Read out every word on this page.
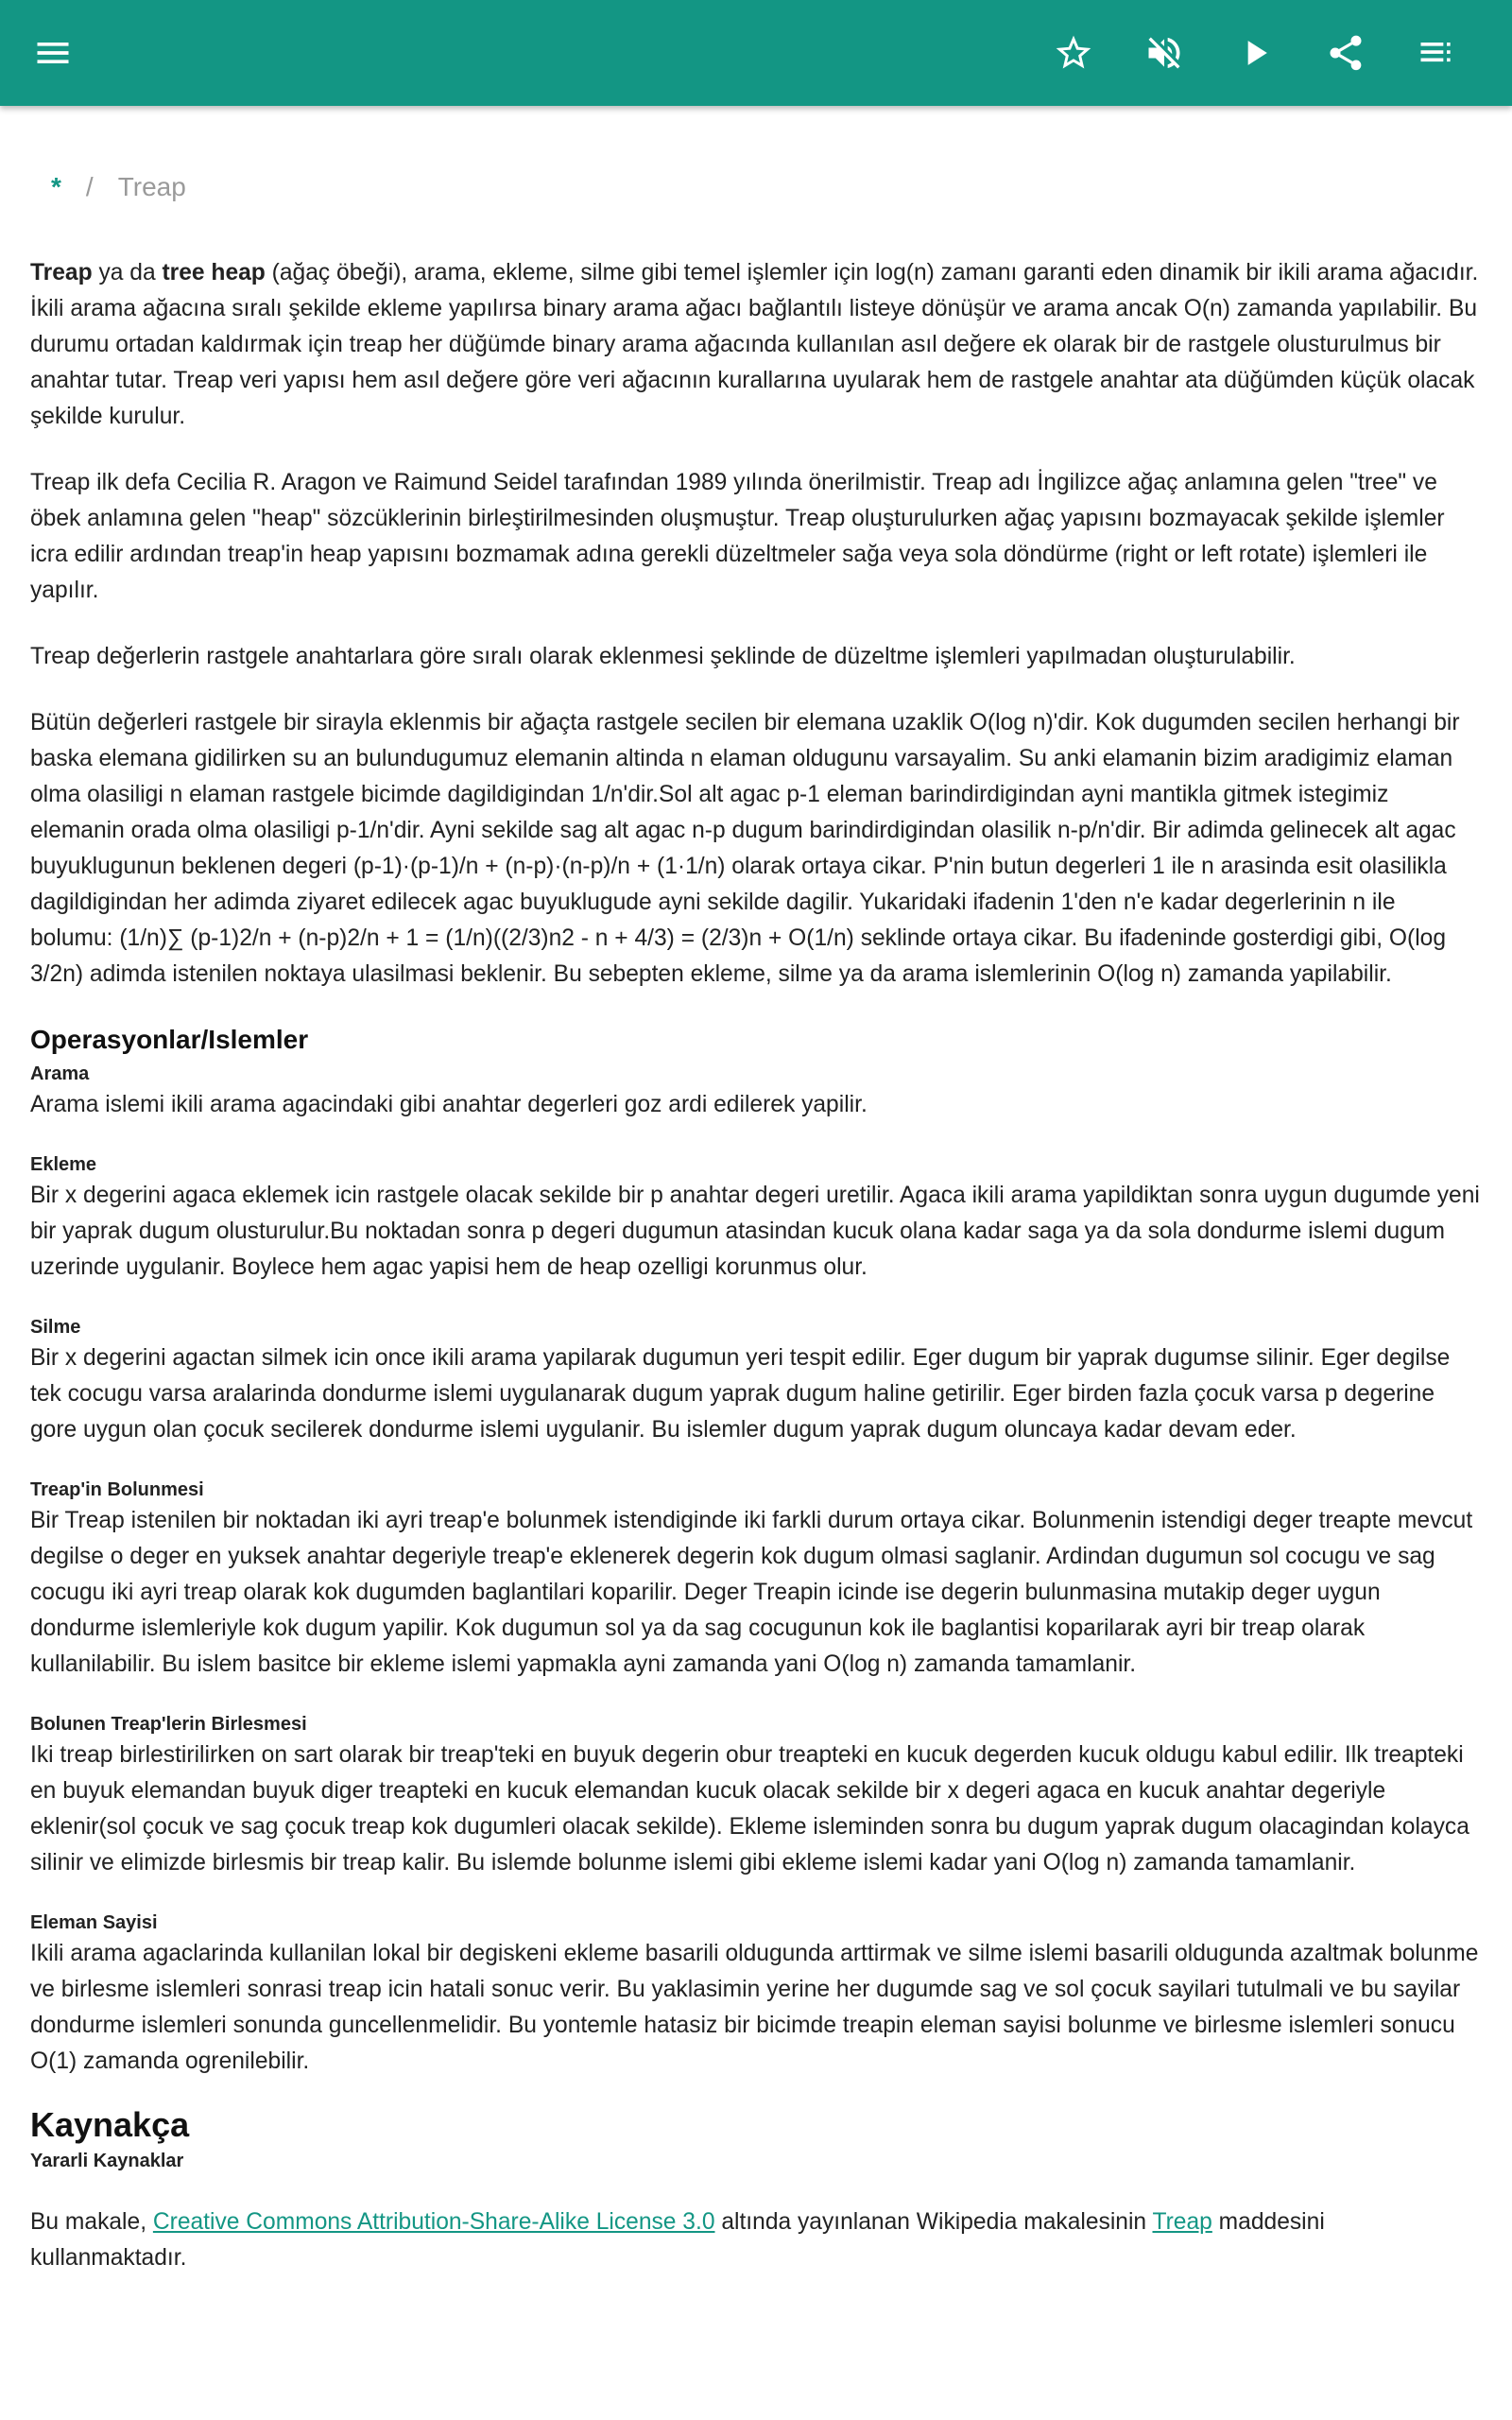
* / Treap

Treap ya da tree heap (ağaç öbeği), arama, ekleme, silme gibi temel işlemler için log(n) zamanı garanti eden dinamik bir ikili arama ağacıdır. İkili arama ağacına sıralı şekilde ekleme yapılırsa binary arama ağacı bağlantılı listeye dönüşür ve arama ancak O(n) zamanda yapılabilir. Bu durumu ortadan kaldırmak için treap her düğümde binary arama ağacında kullanılan asıl değere ek olarak bir de rastgele olusturulmus bir anahtar tutar. Treap veri yapısı hem asıl değere göre veri ağacının kurallarına uyularak hem de rastgele anahtar ata düğümden küçük olacak şekilde kurulur.

Treap ilk defa Cecilia R. Aragon ve Raimund Seidel tarafından 1989 yılında önerilmistir. Treap adı İngilizce ağaç anlamına gelen "tree" ve öbek anlamına gelen "heap" sözcüklerinin birleştirilmesinden oluşmuştur. Treap oluşturulurken ağaç yapısını bozmayacak şekilde işlemler icra edilir ardından treap'in heap yapısını bozmamak adına gerekli düzeltmeler sağa veya sola döndürme (right or left rotate) işlemleri ile yapılır.

Treap değerlerin rastgele anahtarlara göre sıralı olarak eklenmesi şeklinde de düzeltme işlemleri yapılmadan oluşturulabilir.

Bütün değerleri rastgele bir sirayla eklenmis bir ağaçta rastgele secilen bir elemana uzaklik O(log n)'dir. Kok dugumden secilen herhangi bir baska elemana gidilirken su an bulundugumuz elemanin altinda n elaman oldugunu varsayalim. Su anki elamanin bizim aradigimiz elaman olma olasiligi n elaman rastgele bicimde dagildigindan 1/n'dir.Sol alt agac p-1 eleman barindirdigindan ayni mantikla gitmek istegimiz elemanin orada olma olasiligi p-1/n'dir. Ayni sekilde sag alt agac n-p dugum barindirdigindan olasilik n-p/n'dir. Bir adimda gelinecek alt agac buyuklugunun beklenen degeri (p-1)·(p-1)/n + (n-p)·(n-p)/n + (1·1/n) olarak ortaya cikar. P'nin butun degerleri 1 ile n arasinda esit olasilikla dagildigindan her adimda ziyaret edilecek agac buyuklugude ayni sekilde dagilir. Yukaridaki ifadenin 1'den n'e kadar degerlerinin n ile bolumu: (1/n)∑ (p-1)2/n + (n-p)2/n + 1 = (1/n)((2/3)n2 - n + 4/3) = (2/3)n + O(1/n) seklinde ortaya cikar. Bu ifadeninde gosterdigi gibi, O(log 3/2n) adimda istenilen noktaya ulasilmasi beklenir. Bu sebepten ekleme, silme ya da arama islemlerinin O(log n) zamanda yapilabilir.

Operasyonlar/Islemler
Arama

Arama islemi ikili arama agacindaki gibi anahtar degerleri goz ardi edilerek yapilir.

Ekleme

Bir x degerini agaca eklemek icin rastgele olacak sekilde bir p anahtar degeri uretilir. Agaca ikili arama yapildiktan sonra uygun dugumde yeni bir yaprak dugum olusturulur.Bu noktadan sonra p degeri dugumun atasindan kucuk olana kadar saga ya da sola dondurme islemi dugum uzerinde uygulanir. Boylece hem agac yapisi hem de heap ozelligi korunmus olur.

Silme

Bir x degerini agactan silmek icin once ikili arama yapilarak dugumun yeri tespit edilir. Eger dugum bir yaprak dugumse silinir. Eger degilse tek cocugu varsa aralarinda dondurme islemi uygulanarak dugum yaprak dugum haline getirilir. Eger birden fazla çocuk varsa p degerine gore uygun olan çocuk secilerek dondurme islemi uygulanir. Bu islemler dugum yaprak dugum oluncaya kadar devam eder.

Treap'in Bolunmesi

Bir Treap istenilen bir noktadan iki ayri treap'e bolunmek istendiginde iki farkli durum ortaya cikar. Bolunmenin istendigi deger treapte mevcut degilse o deger en yuksek anahtar degeriyle treap'e eklenerek degerin kok dugum olmasi saglanir. Ardindan dugumun sol cocugu ve sag cocugu iki ayri treap olarak kok dugumden baglantilari koparilir. Deger Treapin icinde ise degerin bulunmasina mutakip deger uygun dondurme islemleriyle kok dugum yapilir. Kok dugumun sol ya da sag cocugunun kok ile baglantisi koparilarak ayri bir treap olarak kullanilabilir. Bu islem basitce bir ekleme islemi yapmakla ayni zamanda yani O(log n) zamanda tamamlanir.

Bolunen Treap'lerin Birlesmesi

Iki treap birlestirilirken on sart olarak bir treap'teki en buyuk degerin obur treapteki en kucuk degerden kucuk oldugu kabul edilir. Ilk treapteki en buyuk elemandan buyuk diger treapteki en kucuk elemandan kucuk olacak sekilde bir x degeri agaca en kucuk anahtar degeriyle eklenir(sol çocuk ve sag çocuk treap kok dugumleri olacak sekilde). Ekleme isleminden sonra bu dugum yaprak dugum olacagindan kolayca silinir ve elimizde birlesmis bir treap kalir. Bu islemde bolunme islemi gibi ekleme islemi kadar yani O(log n) zamanda tamamlanir.

Eleman Sayisi

Ikili arama agaclarinda kullanilan lokal bir degiskeni ekleme basarili oldugunda arttirmak ve silme islemi basarili oldugunda azaltmak bolunme ve birlesme islemleri sonrasi treap icin hatali sonuc verir. Bu yaklasimin yerine her dugumde sag ve sol çocuk sayilari tutulmali ve bu sayilar dondurme islemleri sonunda guncellenmelidir. Bu yontemle hatasiz bir bicimde treapin eleman sayisi bolunme ve birlesme islemleri sonucu O(1) zamanda ogrenilebilir.

Kaynakça
Yararli Kaynaklar

Bu makale, Creative Commons Attribution-Share-Alike License 3.0 altında yayınlanan Wikipedia makalesinin Treap maddesini kullanmaktadır.
